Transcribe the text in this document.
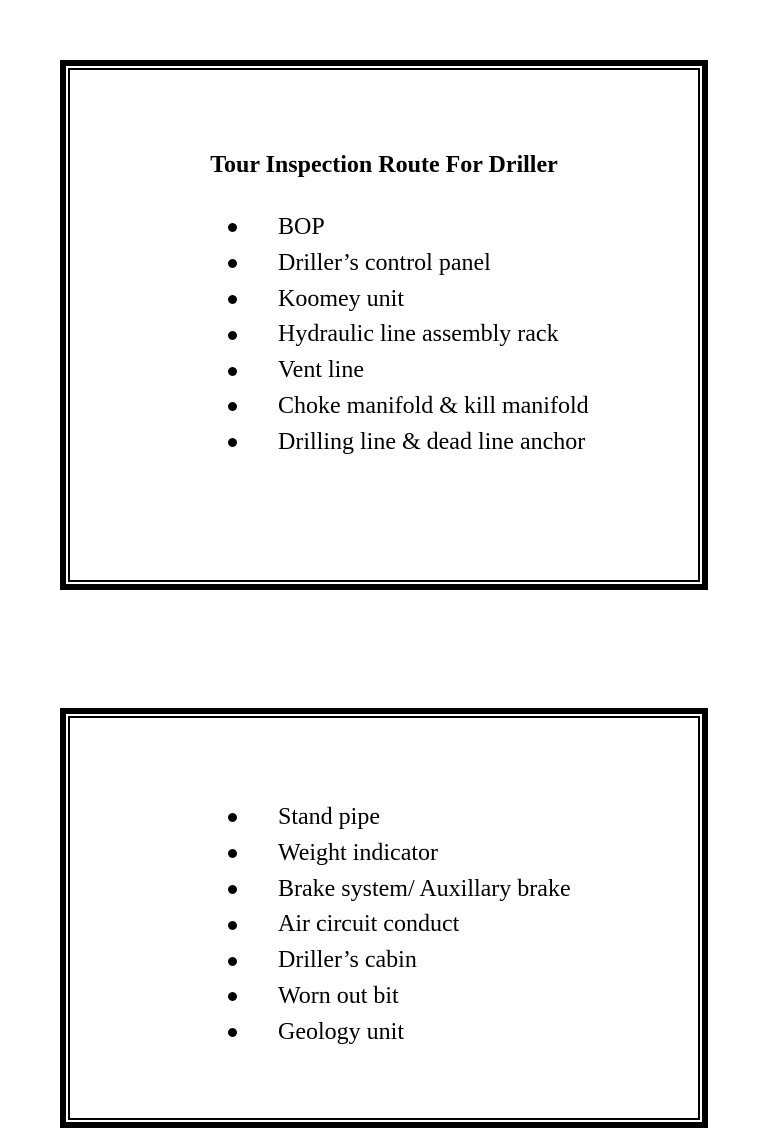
Tour Inspection Route For Driller
BOP
Driller’s control panel
Koomey unit
Hydraulic line assembly rack
Vent line
Choke manifold & kill manifold
Drilling line & dead line anchor
Stand pipe
Weight indicator
Brake system/ Auxillary brake
Air circuit conduct
Driller’s cabin
Worn out bit
Geology unit
